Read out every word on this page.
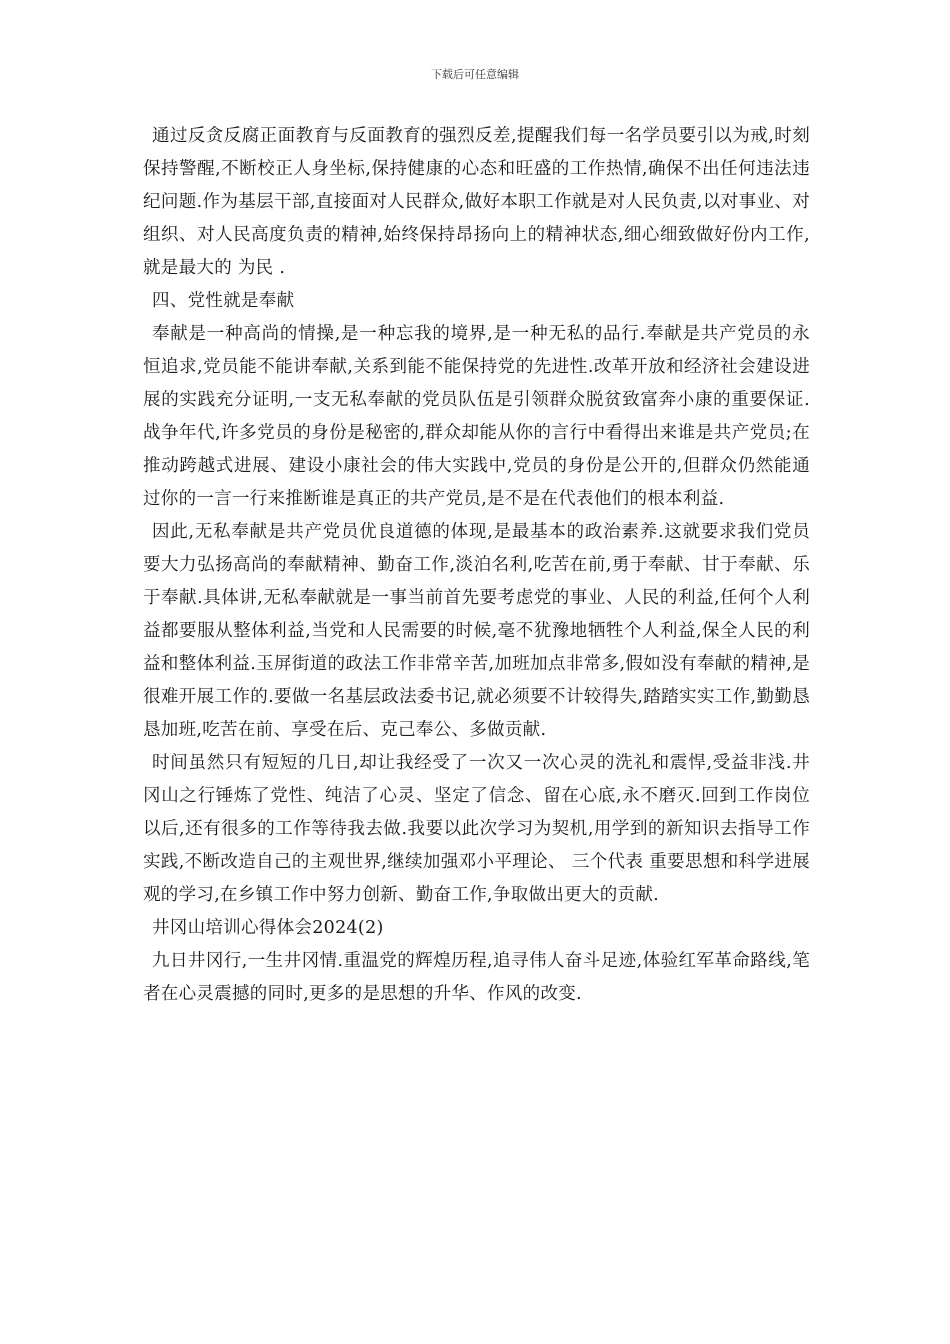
下载后可任意编辑

通过反贪反腐正面教育与反面教育的强烈反差,提醒我们每一名学员要引以为戒,时刻保持警醒,不断校正人身坐标,保持健康的心态和旺盛的工作热情,确保不出任何违法违纪问题.作为基层干部,直接面对人民群众,做好本职工作就是对人民负责,以对事业、对组织、对人民高度负责的精神,始终保持昂扬向上的精神状态,细心细致做好份内工作,就是最大的 为民 .

四、党性就是奉献

奉献是一种高尚的情操,是一种忘我的境界,是一种无私的品行.奉献是共产党员的永恒追求,党员能不能讲奉献,关系到能不能保持党的先进性.改革开放和经济社会建设进展的实践充分证明,一支无私奉献的党员队伍是引领群众脱贫致富奔小康的重要保证.战争年代,许多党员的身份是秘密的,群众却能从你的言行中看得出来谁是共产党员;在推动跨越式进展、建设小康社会的伟大实践中,党员的身份是公开的,但群众仍然能通过你的一言一行来推断谁是真正的共产党员,是不是在代表他们的根本利益.

因此,无私奉献是共产党员优良道德的体现,是最基本的政治素养.这就要求我们党员要大力弘扬高尚的奉献精神、勤奋工作,淡泊名利,吃苦在前,勇于奉献、甘于奉献、乐于奉献.具体讲,无私奉献就是一事当前首先要考虑党的事业、人民的利益,任何个人利益都要服从整体利益,当党和人民需要的时候,毫不犹豫地牺牲个人利益,保全人民的利益和整体利益.玉屏街道的政法工作非常辛苦,加班加点非常多,假如没有奉献的精神,是很难开展工作的.要做一名基层政法委书记,就必须要不计较得失,踏踏实实工作,勤勤恳恳加班,吃苦在前、享受在后、克己奉公、多做贡献.

时间虽然只有短短的几日,却让我经受了一次又一次心灵的洗礼和震悍,受益非浅.井冈山之行锤炼了党性、纯洁了心灵、坚定了信念、留在心底,永不磨灭.回到工作岗位以后,还有很多的工作等待我去做.我要以此次学习为契机,用学到的新知识去指导工作实践,不断改造自己的主观世界,继续加强邓小平理论、 三个代表 重要思想和科学进展观的学习,在乡镇工作中努力创新、勤奋工作,争取做出更大的贡献.

井冈山培训心得体会2024(2)

九日井冈行,一生井冈情.重温党的辉煌历程,追寻伟人奋斗足迹,体验红军革命路线,笔者在心灵震撼的同时,更多的是思想的升华、作风的改变.
